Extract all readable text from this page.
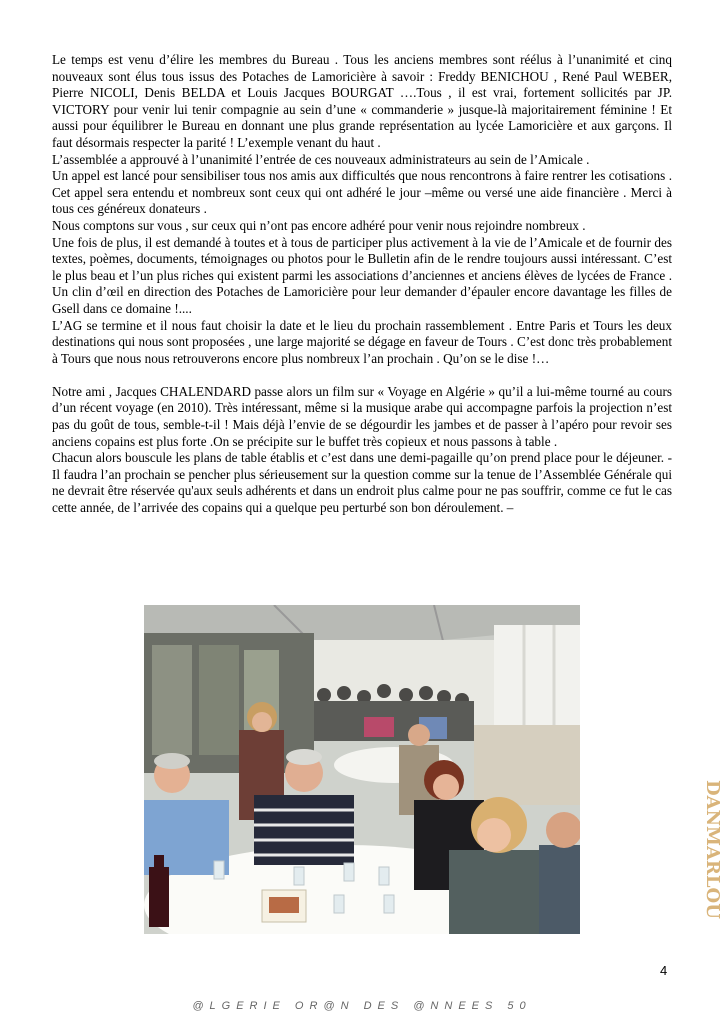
Le temps est venu d’élire les membres du Bureau . Tous les anciens membres sont réélus à l’unanimité et cinq nouveaux sont élus tous issus des Potaches de Lamoricière à savoir : Freddy BENICHOU , René Paul WEBER, Pierre NICOLI, Denis BELDA et Louis Jacques BOURGAT ….Tous , il est vrai, fortement sollicités par JP. VICTORY pour venir lui tenir compagnie au sein d’une « commanderie » jusque-là majoritairement féminine ! Et aussi pour équilibrer le Bureau en donnant une plus grande représentation au lycée Lamoricière et aux garçons. Il faut désormais respecter la parité ! L’exemple venant du haut .

L’assemblée a approuvé à l’unanimité l’entrée de ces nouveaux administrateurs au sein de l’Amicale .

Un appel est lancé pour sensibiliser tous nos amis aux difficultés que nous rencontrons à faire rentrer les cotisations . Cet appel sera entendu et nombreux sont ceux qui ont adhéré le jour –même ou versé une aide financière . Merci à tous ces généreux donateurs .

Nous comptons sur vous , sur ceux qui n’ont pas encore adhéré pour venir nous rejoindre nombreux .

Une fois de plus, il est demandé à toutes et à tous de participer plus activement à la vie de l’Amicale et de fournir des textes, poèmes, documents, témoignages ou photos pour le Bulletin afin de le rendre toujours aussi intéressant. C’est le plus beau et l’un plus riches qui existent parmi les associations d’anciennes et anciens élèves de lycées de France . Un clin d’œil en direction des Potaches de Lamoricière pour leur demander d’épauler encore davantage les filles de Gsell dans ce domaine !....

L’AG se termine et il nous faut choisir la date et le lieu du prochain rassemblement . Entre Paris et Tours les deux destinations qui nous sont proposées , une large majorité se dégage en faveur de Tours . C’est donc très probablement à Tours que nous nous retrouverons encore plus nombreux l’an prochain . Qu’on se le dise !…

Notre ami , Jacques CHALENDARD passe alors un film sur « Voyage en Algérie » qu’il a lui-même tourné au cours d’un récent voyage (en 2010). Très intéressant, même si la musique arabe qui accompagne parfois la projection n’est pas du goût de tous, semble-t-il ! Mais déjà l’envie de se dégourdir les jambes et de passer à l’apéro pour revoir ses anciens copains est plus forte .On se précipite sur le buffet très copieux et nous passons à table .

Chacun alors bouscule les plans de table établis et c’est dans une demi-pagaille qu’on prend place pour le déjeuner. - Il faudra l’an prochain se pencher plus sérieusement sur la question comme sur la tenue de l’Assemblée Générale qui ne devrait être réservée qu'aux seuls adhérents et dans un endroit plus calme pour ne pas souffrir, comme ce fut le cas cette année, de l’arrivée des copains qui a quelque peu perturbé son bon déroulement. –

DANMARLOU
4
@LGERIE OR@N DES @NNEES 50
